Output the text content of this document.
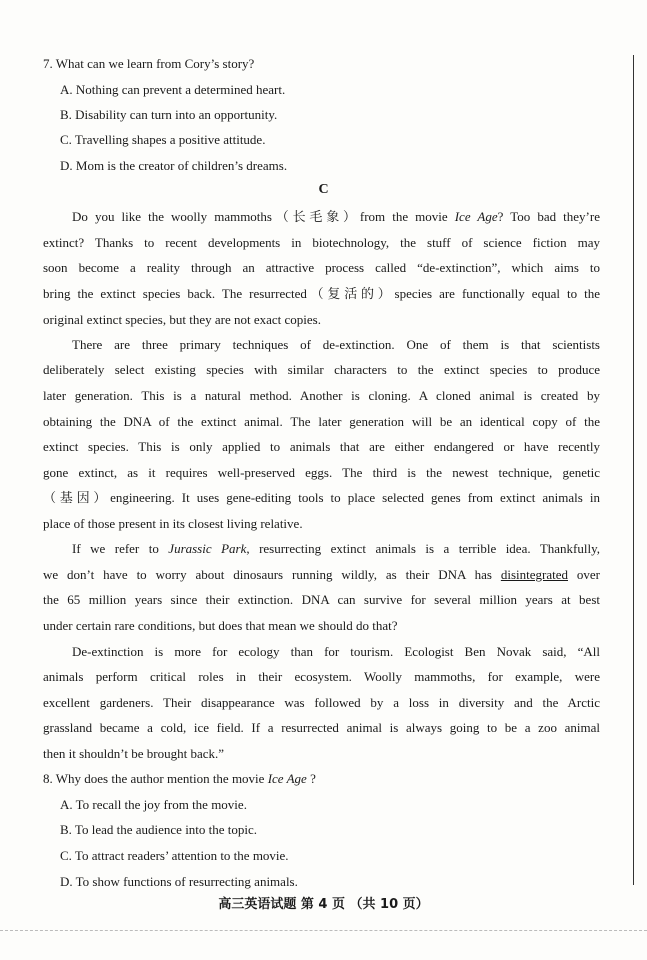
7. What can we learn from Cory’s story?
A. Nothing can prevent a determined heart.
B. Disability can turn into an opportunity.
C. Travelling shapes a positive attitude.
D. Mom is the creator of children’s dreams.
C
Do you like the woolly mammoths（长毛象）from the movie Ice Age? Too bad they’re
extinct? Thanks to recent developments in biotechnology, the stuff of science fiction may
soon become a reality through an attractive process called “de-extinction”, which aims to
bring the extinct species back. The resurrected（复活的）species are functionally equal to the
original extinct species, but they are not exact copies.
There are three primary techniques of de-extinction. One of them is that scientists
deliberately select existing species with similar characters to the extinct species to produce
later generation. This is a natural method. Another is cloning. A cloned animal is created by
obtaining the DNA of the extinct animal. The later generation will be an identical copy of the
extinct species. This is only applied to animals that are either endangered or have recently
gone extinct, as it requires well-preserved eggs. The third is the newest technique, genetic
（基因）engineering. It uses gene-editing tools to place selected genes from extinct animals in
place of those present in its closest living relative.
If we refer to Jurassic Park, resurrecting extinct animals is a terrible idea. Thankfully,
we don’t have to worry about dinosaurs running wildly, as their DNA has disintegrated over
the 65 million years since their extinction. DNA can survive for several million years at best
under certain rare conditions, but does that mean we should do that?
De-extinction is more for ecology than for tourism. Ecologist Ben Novak said, “All
animals perform critical roles in their ecosystem. Woolly mammoths, for example, were
excellent gardeners. Their disappearance was followed by a loss in diversity and the Arctic
grassland became a cold, ice field. If a resurrected animal is always going to be a zoo animal
then it shouldn’t be brought back.”
8. Why does the author mention the movie Ice Age ?
A. To recall the joy from the movie.
B. To lead the audience into the topic.
C. To attract readers’ attention to the movie.
D. To show functions of resurrecting animals.
高三英语试题 第 4 页 （共 10 页）
